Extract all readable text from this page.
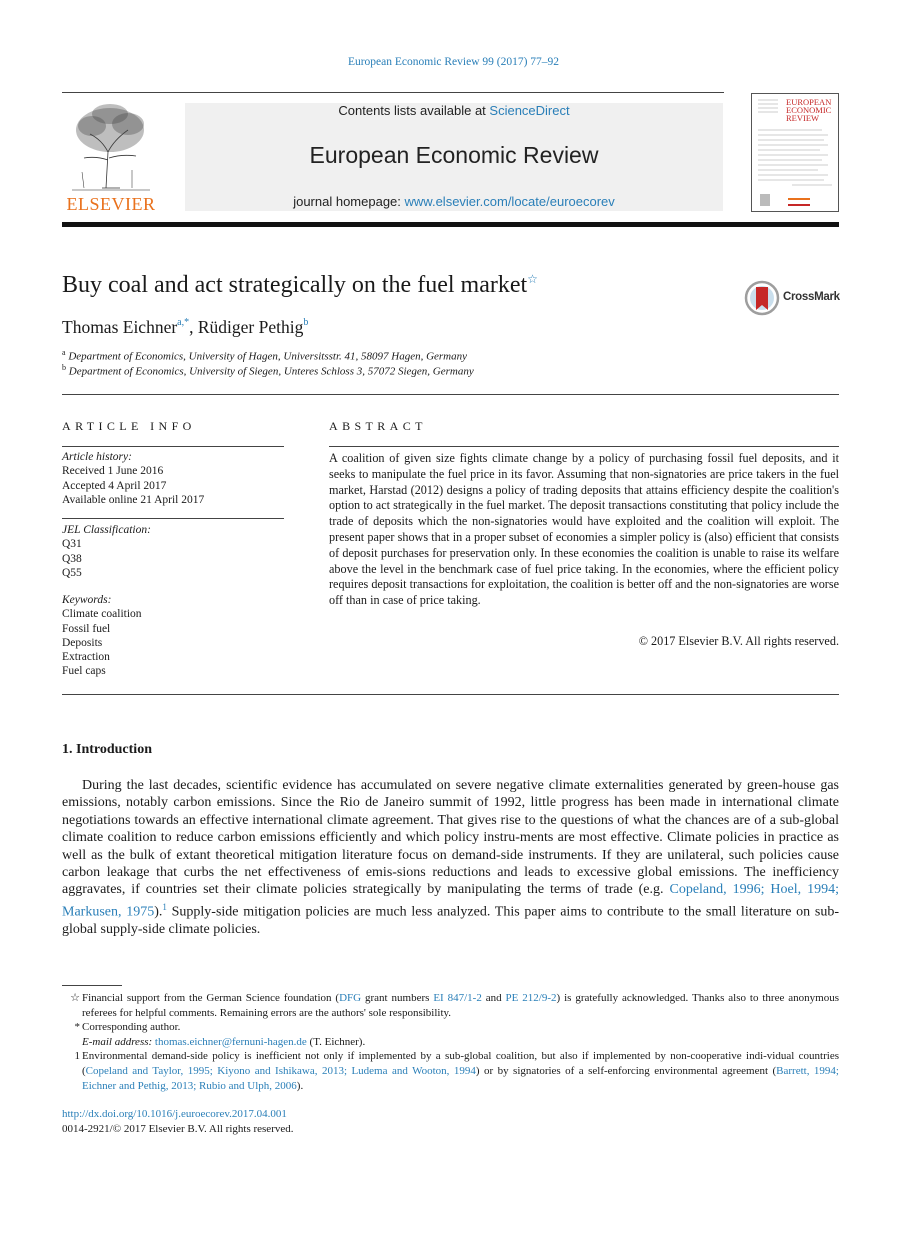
European Economic Review 99 (2017) 77–92
ELSEVIER
Contents lists available at ScienceDirect
European Economic Review
journal homepage: www.elsevier.com/locate/euroecorev
EUROPEAN
ECONOMIC
REVIEW
Buy coal and act strategically on the fuel market☆
CrossMark
Thomas Eichner$^{a,*}$, Rüdiger Pethig$^b$
$^a$ Department of Economics, University of Hagen, Universitsstr. 41, 58097 Hagen, Germany
$^b$ Department of Economics, University of Siegen, Unteres Schloss 3, 57072 Siegen, Germany
ARTICLE INFO
Article history:
Received 1 June 2016
Accepted 4 April 2017
Available online 21 April 2017
JEL Classification:
Q31
Q38
Q55
Keywords:
Climate coalition
Fossil fuel
Deposits
Extraction
Fuel caps
ABSTRACT
A coalition of given size fights climate change by a policy of purchasing fossil fuel deposits, and it seeks to manipulate the fuel price in its favor. Assuming that non-signatories are price takers in the fuel market, Harstad (2012) designs a policy of trading deposits that attains efficiency despite the coalition's option to act strategically in the fuel market. The deposit transactions constituting that policy include the trade of deposits which the non-signatories would have exploited and the coalition will exploit. The present paper shows that in a proper subset of economies a simpler policy is (also) efficient that consists of deposit purchases for preservation only. In these economies the coalition is unable to raise its welfare above the level in the benchmark case of fuel price taking. In the economies, where the efficient policy requires deposit transactions for exploitation, the coalition is better off and the non-signatories are worse off than in case of price taking.
© 2017 Elsevier B.V. All rights reserved.
1. Introduction
During the last decades, scientific evidence has accumulated on severe negative climate externalities generated by green-house gas emissions, notably carbon emissions. Since the Rio de Janeiro summit of 1992, little progress has been made in international climate negotiations towards an effective international climate agreement. That gives rise to the questions of what the chances are of a sub-global climate coalition to reduce carbon emissions efficiently and which policy instru-ments are most effective. Climate policies in practice as well as the bulk of extant theoretical mitigation literature focus on demand-side instruments. If they are unilateral, such policies cause carbon leakage that curbs the net effectiveness of emis-sions reductions and leads to excessive global emissions. The inefficiency aggravates, if countries set their climate policies strategically by manipulating the terms of trade (e.g. Copeland, 1996; Hoel, 1994; Markusen, 1975).$^1$ Supply-side mitigation policies are much less analyzed. This paper aims to contribute to the small literature on sub-global supply-side climate policies.
☆ Financial support from the German Science foundation (DFG grant numbers EI 847/1-2 and PE 212/9-2) is gratefully acknowledged. Thanks also to three anonymous referees for helpful comments. Remaining errors are the authors' sole responsibility.
* Corresponding author.
E-mail address: thomas.eichner@fernuni-hagen.de (T. Eichner).
1 Environmental demand-side policy is inefficient not only if implemented by a sub-global coalition, but also if implemented by non-cooperative indi-vidual countries (Copeland and Taylor, 1995; Kiyono and Ishikawa, 2013; Ludema and Wooton, 1994) or by signatories of a self-enforcing environmental agreement (Barrett, 1994; Eichner and Pethig, 2013; Rubio and Ulph, 2006).
http://dx.doi.org/10.1016/j.euroecorev.2017.04.001
0014-2921/© 2017 Elsevier B.V. All rights reserved.
